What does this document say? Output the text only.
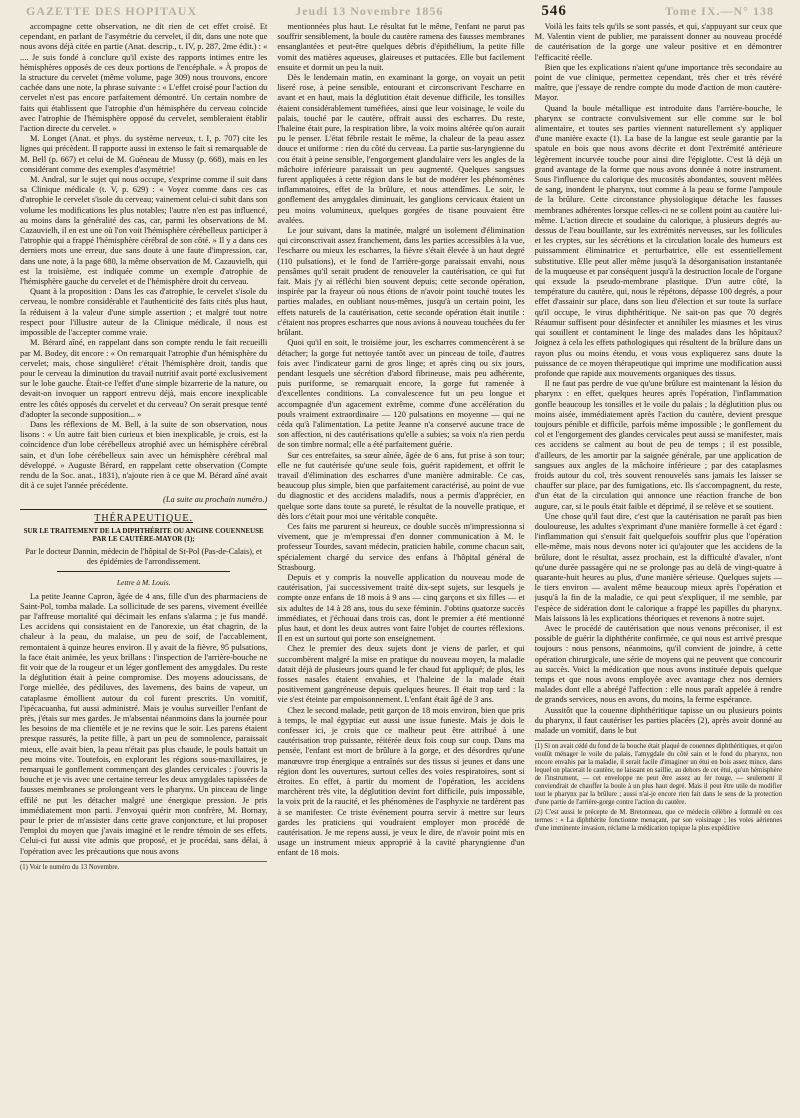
GAZETTE DES HOPITAUX	Jeudi 13 Novembre 1856	546	Tome IX.—N° 138

accompagne cette observation, ne dit rien de cet effet croisé. Et cependant, en parlant de l'asymétrie du cervelet, il dit, dans une note que nous avons déjà citée en partie (Anat. descrip., t. IV, p. 287, 2me édit.) : « .... Je suis fondé à conclure qu'il existe des rapports intimes entre les hémisphères opposés de ces deux portions de l'encéphale. » À propos de la structure du cervelet (même volume, page 309) nous trouvons, encore cachée dans une note, la phrase suivante : « L'effet croisé pour l'action du cervelet n'est pas encore parfaitement démontré. Un certain nombre de faits qui établissent que l'atrophie d'un hémisphère du cerveau coïncide avec l'atrophie de l'hémisphère opposé du cervelet, sembleraient établir l'action directe du cervelet. »

M. Longet (Anat. et phys. du système nerveux, t. I, p. 707) cite les lignes qui précèdent. Il rapporte aussi in extenso le fait si remarquable de M. Bell (p. 667) et celui de M. Guéneau de Mussy (p. 668), mais en les considérant comme des exemples d'asymétrie!

M. Andral, sur le sujet qui nous occupe, s'exprime comme il suit dans sa Clinique médicale (t. V, p. 629) : « Voyez comme dans ces cas d'atrophie le cervelet s'isole du cerveau; vainement celui-ci subit dans son volume les modifications les plus notables; l'autre n'en est pas influencé, au moins dans la généralité des cas, car, parmi les observations de M. Cazauvielh, il en est une où l'on voit l'hémisphère cérébelleux participer à l'atrophie qui a frappé l'hémisphère cérébral de son côté. » Il y a dans ces derniers mots une erreur, due sans doute à une faute d'impression, car, dans une note, à la page 680, la même observation de M. Cazauvielh, qui est la troisième, est indiquée comme un exemple d'atrophie de l'hémisphère gauche du cervelet et de l'hémisphère droit du cerveau.

Quant à la proposition : Dans les cas d'atrophie, le cervelet s'isole du cerveau, le nombre considérable et l'authenticité des faits cités plus haut, la réduisent à la valeur d'une simple assertion ; et malgré tout notre respect pour l'illustre auteur de la Clinique médicale, il nous est impossible de l'accepter comme vraie.

M. Bérard aîné, en rappelant dans son compte rendu le fait recueilli par M. Bodey, dit encore : « On remarquait l'atrophie d'un hémisphère du cervelet; mais, chose singulière! c'était l'hémisphère droit, tandis que pour le cerveau la diminution du travail nutritif avait porté exclusivement sur le lobe gauche. Était-ce l'effet d'une simple bizarrerie de la nature, ou devait-on invoquer un rapport entrevu déjà, mais encore inexplicable entre les côtés opposés du cervelet et du cerveau? On serait presque tenté d'adopter la seconde supposition... »

Dans les réflexions de M. Bell, à la suite de son observation, nous lisons : « Un autre fait bien curieux et bien inexplicable, je crois, est la coïncidence d'un lobe cérébelleux atrophié avec un hémisphère cérébral sain, et d'un lobe cérébelleux sain avec un hémisphère cérébral mal développé. » Auguste Bérard, en rappelant cette observation (Compte rendu de la Soc. anat., 1831), n'ajoute rien à ce que M. Bérard aîné avait dit à ce sujet l'année précédente.

(La suite au prochain numéro.)
THÉRAPEUTIQUE.
SUR LE TRAITEMENT DE LA DIPHTHÉRITE OU ANGINE COUENNEUSE PAR LE CAUTÈRE-MAYOR (1);
Par le docteur Dannin, médecin de l'hôpital de St-Pol (Pas-de-Calais), et des épidémies de l'arrondissement.
Lettre à M. Louis.

La petite Jeanne Capron, âgée de 4 ans, fille d'un des pharmaciens de Saint-Pol, tomba malade. La sollicitude de ses parens, vivement éveillée par l'affreuse mortalité qui décimait les enfans s'alarma ; je fus mandé. Les accidens qui consistaient en de l'anorexie, un état chagrin, de la chaleur à la peau, du malaise, un peu de soif, de l'accablement, remontaient à quinze heures environ. Il y avait de la fièvre, 95 pulsations, la face était animée, les yeux brillans : l'inspection de l'arrière-bouche ne fit voir que de la rougeur et un léger gonflement des amygdales. Du reste la déglutition était à peine compromise. Des moyens adoucissans, de l'orge miellée, des pédiluves, des lavemens, des bains de vapeur, un cataplasme émollient autour du col furent prescrits. Un vomitif, l'ipécacuanha, fut aussi administré. Mais je voulus surveiller l'enfant de près, j'étais sur mes gardes. Je m'absentai néanmoins dans la journée pour les besoins de ma clientèle et je ne revins que le soir. Les parens étaient presque rassurés, la petite fille, à part un peu de somnolence, paraissait mieux, elle avait bien, la peau n'était pas plus chaude, le pouls battait un peu moins vite. Toutefois, en explorant les régions sous-maxillaires, je remarquai le gonflement commençant des glandes cervicales : j'ouvris la bouche et je vis avec une certaine terreur les deux amygdales tapissées de fausses membranes se prolongeant vers le pharynx. Un pinceau de linge effilé ne put les détacher malgré une énergique pression. Je pris immédiatement mon parti. J'envoyai quérir mon confrère, M. Bornay, pour le prier de m'assister dans cette grave conjoncture, et lui proposer l'emploi du moyen que j'avais imaginé et le rendre témoin de ses effets. Celui-ci fut aussi vite admis que proposé, et je procédai, sans délai, à l'opération avec les précautions que nous avons

(1) Voir le numéro du 13 Novembre.

mentionnées plus haut. Le résultat fut le même, l'enfant ne parut pas souffrir sensiblement, la boule du cautère ramena des fausses membranes ensanglantées et peut-être quelques débris d'épithélium, la petite fille vomit des matières aqueuses, glaireuses et puttacées. Elle but facilement ensuite et dormit un peu la nuit.

Dès le lendemain matin, en examinant la gorge, on voyait un petit liseré rose, à peine sensible, entourant et circonscrivant l'escharre en avant et en haut, mais la déglutition était devenue difficile, les tonsilles étaient considérablement tuméfiées, ainsi que leur voisinage, le voile du palais, touché par le cautère, offrait aussi des escharres. Du reste, l'haleine était pure, la respiration libre, la voix moins altérée qu'on aurait pu le penser. L'état fébrile restait le même, la chaleur de la peau assez douce et uniforme : rien du côté du cerveau. La partie sus-laryngienne du cou était à peine sensible, l'engorgement glandulaire vers les angles de la mâchoire inférieure paraissait un peu augmenté. Quelques sangsues furent appliquées à cette région dans le but de modérer les phénomènes inflammatoires, effet de la brûlure, et nous attendîmes. Le soir, le gonflement des amygdales diminuait, les ganglions cervicaux étaient un peu moins volumineux, quelques gorgées de tisane pouvaient être avalées.

Le jour suivant, dans la matinée, malgré un isolement d'élimination qui circonscrivait assez franchement, dans les parties accessibles à la vue, l'escharre ou mieux les escharres, la fièvre s'était élevée à un haut degré (110 pulsations), et le fond de l'arrière-gorge paraissait envahi, nous pensâmes qu'il serait prudent de renouveler la cautérisation, ce qui fut fait. Mais j'y ai réfléchi bien souvent depuis; cette seconde opération, inspirée par la frayeur où nous étions de n'avoir point touché toutes les parties malades, en oubliant nous-mêmes, jusqu'à un certain point, les effets naturels de la cautérisation, cette seconde opération était inutile : c'étaient nos propres escharres que nous avions à nouveau touchées du fer brûlant.

Quoi qu'il en soit, le troisième jour, les escharres commencèrent à se détacher; la gorge fut nettoyée tantôt avec un pinceau de toile, d'autres fois avec l'indicateur garni de gros linge; et après cinq ou six jours, pendant lesquels une sécrétion d'abord fibrineuse, mais peu adhérente, puis puriforme, se remarquait encore, la gorge fut ramenée à d'excellentes conditions. La convalescence fut un peu longue et accompagnée d'un agacement extrême, comme d'une accélération du pouls vraiment extraordinaire — 120 pulsations en moyenne — qui ne céda qu'à l'alimentation. La petite Jeanne n'a conservé aucune trace de son affection, ni des cautérisations qu'elle a subies; sa voix n'a rien perdu de son timbre normal; elle a été parfaitement guérie.

Sur ces entrefaites, sa sœur aînée, âgée de 6 ans, fut prise à son tour; elle ne fut cautérisée qu'une seule fois, guérit rapidement, et offrit le travail d'élimination des escharres d'une manière admirable. Ce cas, beaucoup plus simple, bien que parfaitement caractérisé, au point de vue du diagnostic et des accidens maladifs, nous a permis d'apprécier, en quelque sorte dans toute sa pureté, le résultat de la nouvelle pratique, et dès lors c'était pour moi une véritable conquête.

Ces faits me parurent si heureux, ce double succès m'impressionna si vivement, que je m'empressai d'en donner communication à M. le professeur Tourdes, savant médecin, praticien habile, comme chacun sait, spécialement chargé du service des enfans à l'hôpital général de Strasbourg.

Depuis et y compris la nouvelle application du nouveau mode de cautérisation, j'ai successivement traité dix-sept sujets, sur lesquels je compte onze enfans de 18 mois à 9 ans — cinq garçons et six filles — et six adultes de 14 à 28 ans, tous du sexe féminin. J'obtins quatorze succès immédiates, et j'échouai dans trois cas, dont le premier a été mentionné plus haut, et dont les deux autres vont faire l'objet de courtes réflexions. Il en est un surtout qui porte son enseignement.

Chez le premier des deux sujets dont je viens de parler, et qui succombèrent malgré la mise en pratique du nouveau moyen, la maladie datait déjà de plusieurs jours quand le fer chaud fut appliqué; de plus, les fosses nasales étaient envahies, et l'haleine de la malade était positivement gangréneuse depuis quelques heures. Il était trop tard : la vie s'est éteinte par empoisonnement. L'enfant était âgé de 3 ans.

Chez le second malade, petit garçon de 18 mois environ, bien que pris à temps, le mal égyptiac eut aussi une issue funeste. Mais je dois le confesser ici, je crois que ce malheur peut être attribué à une cautérisation trop puissante, réitérée deux fois coup sur coup. Dans ma pensée, l'enfant est mort de brûlure à la gorge, et des désordres qu'une manœuvre trop énergique a entraînés sur des tissus si jeunes et dans une région dont les ouvertures, surtout celles des voies respiratoires, sont si étroites. En effet, à partir du moment de l'opération, les accidens marchèrent très vite, la déglutition devint fort difficile, puis impossible, la voix prit de la raucité, et les phénomènes de l'asphyxie ne tardèrent pas à se manifester. Ce triste événement pourra servir à mettre sur leurs gardes les praticiens qui voudraient employer mon procédé de cautérisation. Je me repens aussi, je veux le dire, de n'avoir point mis en usage un instrument mieux approprié à la cavité pharyngienne d'un enfant de 18 mois.

Voilà les faits tels qu'ils se sont passés, et qui, s'appuyant sur ceux que M. Valentin vient de publier, me paraissent donner au nouveau procédé de cautérisation de la gorge une valeur positive et en démontrer l'efficacité réelle.

Bien que les explications n'aient qu'une importance très secondaire au point de vue clinique, permettez cependant, très cher et très révéré maître, que j'essaye de rendre compte du mode d'action de mon cautère-Mayor.

Quand la boule métallique est introduite dans l'arrière-bouche, le pharynx se contracte convulsivement sur elle comme sur le bol alimentaire, et toutes ses parties viennent naturellement s'y appliquer d'une manière exacte (1). La base de la langue est seule garantie par la spatule en bois que nous avons décrite et dont l'extrémité antérieure légèrement incurvée touche pour ainsi dire l'épiglotte. C'est là déjà un grand avantage de la forme que nous avons donnée à notre instrument. Sous l'influence du calorique des mucosités abondantes, souvent mêlées de sang, inondent le pharynx, tout comme à la peau se forme l'ampoule de la brûlure. Cette circonstance physiologique détache les fausses membranes adhérentes lorsque celles-ci ne se collent point au cautère lui-même. L'action directe et soudaine du calorique, à plusieurs degrés au-dessus de l'eau bouillante, sur les extrémités nerveuses, sur les follicules et les cryptes, sur les sécrétions et la circulation locale des humeurs est puissamment éliminatrice et perturbatrice, elle est essentiellement substitutive. Elle peut aller même jusqu'à la désorganisation instantanée de la muqueuse et par conséquent jusqu'à la destruction locale de l'organe qui exsude la pseudo-membrane plastique. D'un autre côté, la température du cautère, qui, nous le répétons, dépasse 100 degrés, a pour effet d'assainir sur place, dans son lieu d'élection et sur toute la surface qu'il occupe, le virus diphthéritique. Ne sait-on pas que 70 degrés Réaumur suffisent pour désinfecter et annihiler les miasmes et les virus qui souillent et contaminent le linge des malades dans les hôpitaux? Joignez à cela les effets pathologiques qui résultent de la brûlure dans un rayon plus ou moins étendu, et vous vous expliquerez sans doute la puissance de ce moyen thérapeutique qui imprime une modification aussi profonde que rapide aux mouvements organiques des tissus.

Il ne faut pas perdre de vue qu'une brûlure est maintenant la lésion du pharynx : en effet, quelques heures après l'opération, l'inflammation gonfle beaucoup les tonsilles et le voile du palais ; la déglutition plus ou moins aisée, immédiatement après l'action du cautère, devient presque toujours pénible et difficile, parfois même impossible ; le gonflement du col et l'engorgement des glandes cervicales peut aussi se manifester, mais ces accidens se calment au bout de peu de temps ; il est possible, d'ailleurs, de les amortir par la saignée générale, par une application de sangsues aux angles de la mâchoire inférieure ; par des cataplasmes froids autour du col, très souvent renouvelés sans jamais les laisser se chauffer sur place, par des fumigations, etc. Ils s'accompagnent, du reste, d'un état de la circulation qui annonce une réaction franche de bon augure, car, si le pouls était faible et déprimé, il se relève et se soutient.

Une chose qu'il faut dire, c'est que la cautérisation ne paraît pas bien douloureuse, les adultes s'exprimant d'une manière formelle à cet égard : l'inflammation qui s'ensuit fait quelquefois souffrir plus que l'opération elle-même, mais nous devons noter ici qu'ajouter que les accidens de la brûlure, dont le résultat, assez prochain, est la difficulté d'avaler, n'ont qu'une durée passagère qui ne se prolonge pas au delà de vingt-quatre à quarante-huit heures au plus, d'une manière sérieuse. Quelques sujets — le tiers environ — avalent même beaucoup mieux après l'opération et jusqu'à la fin de la maladie, ce qui peut s'expliquer, il me semble, par l'espèce de sidération dont le calorique a frappé les papilles du pharynx. Mais laissons là les explications théoriques et revenons à notre sujet.

Avec le procédé de cautérisation que nous venons préconiser, il est possible de guérir la diphthérite confirmée, ce qui nous est arrivé presque toujours : nous pensons, néanmoins, qu'il convient de joindre, à cette opération chirurgicale, une série de moyens qui ne peuvent que concourir au succès. Voici la médication que nous avons instituée depuis quelque temps et que nous avons employée avec avantage chez nos derniers malades dont elle a abrégé l'affection : elle nous paraît appelée à rendre de grands services, nous en avons, du moins, la ferme espérance.

Aussitôt que la couenne diphthéritique tapisse un ou plusieurs points du pharynx, il faut cautériser les parties placées (2), après avoir donné au malade un vomitif, dans le but

(1) Si on avait cédé du fond de la bouche était plaqué de couennes diphthéritiques, et qu'on voulût ménager le voile du palais, l'amygdale du côté sain et le fond du pharynx, non encore envahis par la maladie, il serait facile d'imaginer un étui en bois assez mince, dans lequel on placerait le cautère, ne laissant en saillie, au dehors de cet étui, qu'un hémisphère de l'instrument, — cet enveloppe ne peut être assez au fer rouge, — seulement il conviendrait de chauffer la boule à un plus haut degré. Mais il peut être utile de modifier tout le pharynx par la brûlure ; aussi n'ai-je encore rien fait dans le sens de la protection d'une partie de l'arrière-gorge contre l'action du cautère.
(2) C'est aussi le précepte de M. Bretonneau, que ce médecin célèbre a formulé en ces termes : « La diphthérite fonctionne menaçant, par son voisinage ; les voies aériennes d'une imminente invasion, réclame la médication topique la plus expéditive
